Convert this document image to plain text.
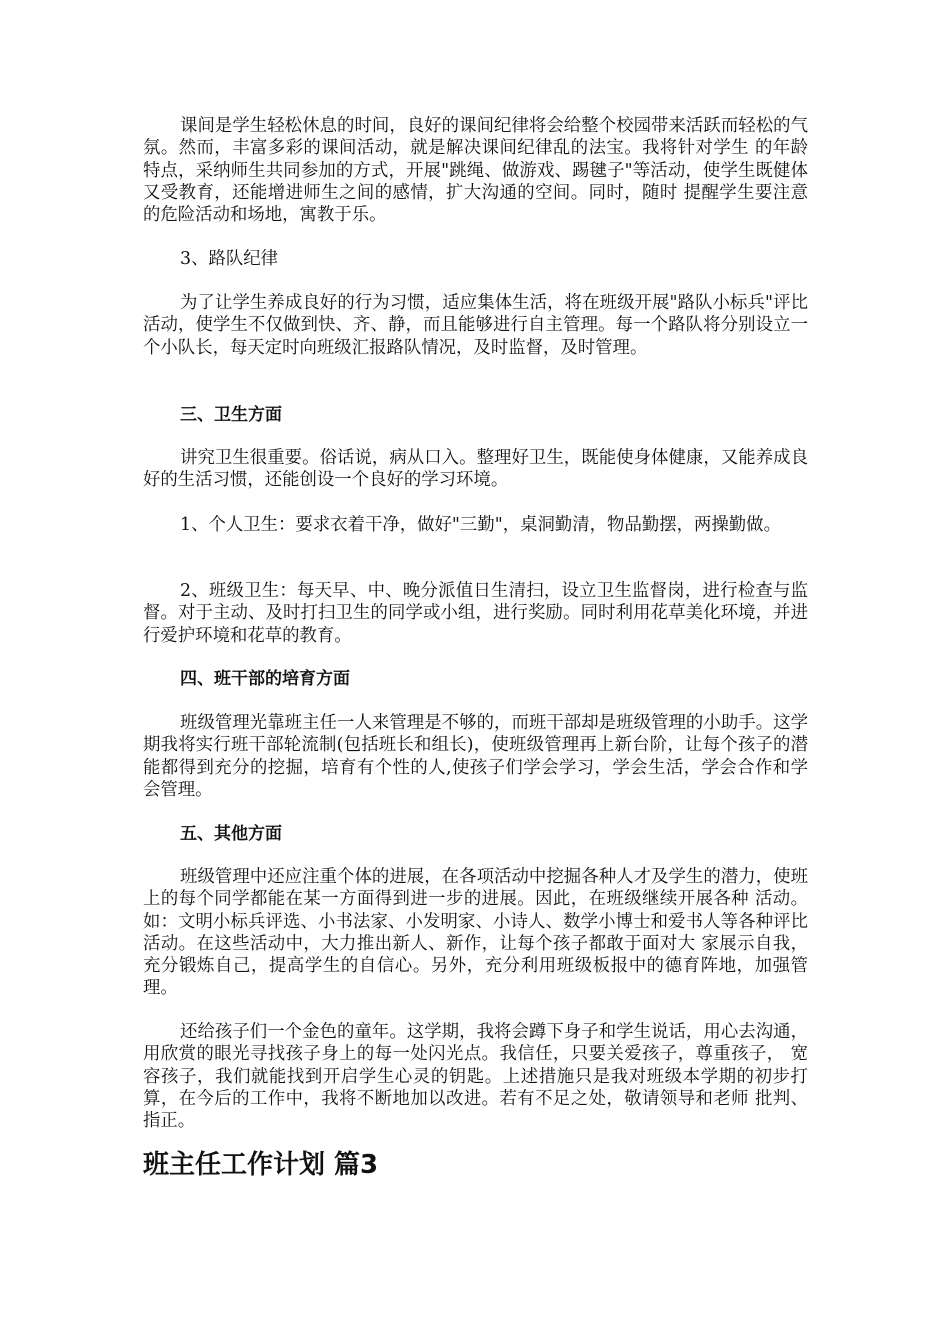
课间是学生轻松休息的时间，良好的课间纪律将会给整个校园带来活跃而轻松的气氛。然而，丰富多彩的课间活动，就是解决课间纪律乱的法宝。我将针对学生 的年龄特点，采纳师生共同参加的方式，开展"跳绳、做游戏、踢毽子"等活动，使学生既健体又受教育，还能增进师生之间的感情，扩大沟通的空间。同时，随时 提醒学生要注意的危险活动和场地，寓教于乐。

3、路队纪律

为了让学生养成良好的行为习惯，适应集体生活，将在班级开展"路队小标兵"评比活动，使学生不仅做到快、齐、静，而且能够进行自主管理。每一个路队将分别设立一个小队长，每天定时向班级汇报路队情况，及时监督，及时管理。

三、卫生方面

讲究卫生很重要。俗话说，病从口入。整理好卫生，既能使身体健康，又能养成良好的生活习惯，还能创设一个良好的学习环境。

1、个人卫生：要求衣着干净，做好"三勤"，桌洞勤清，物品勤摆，两操勤做。

2、班级卫生：每天早、中、晚分派值日生清扫，设立卫生监督岗，进行检查与监督。对于主动、及时打扫卫生的同学或小组，进行奖励。同时利用花草美化环境，并进行爱护环境和花草的教育。

四、班干部的培育方面

班级管理光靠班主任一人来管理是不够的，而班干部却是班级管理的小助手。这学期我将实行班干部轮流制(包括班长和组长)，使班级管理再上新台阶，让每个孩子的潜能都得到充分的挖掘，培育有个性的人,使孩子们学会学习，学会生活，学会合作和学会管理。

五、其他方面

班级管理中还应注重个体的进展，在各项活动中挖掘各种人才及学生的潜力，使班上的每个同学都能在某一方面得到进一步的进展。因此，在班级继续开展各种 活动。如：文明小标兵评选、小书法家、小发明家、小诗人、数学小博士和爱书人等各种评比活动。在这些活动中，大力推出新人、新作，让每个孩子都敢于面对大 家展示自我，充分锻炼自己，提高学生的自信心。另外，充分利用班级板报中的德育阵地，加强管理。

还给孩子们一个金色的童年。这学期，我将会蹲下身子和学生说话，用心去沟通，用欣赏的眼光寻找孩子身上的每一处闪光点。我信任，只要关爱孩子，尊重孩子， 宽容孩子，我们就能找到开启学生心灵的钥匙。上述措施只是我对班级本学期的初步打算，在今后的工作中，我将不断地加以改进。若有不足之处，敬请领导和老师 批判、指正。

班主任工作计划 篇3
